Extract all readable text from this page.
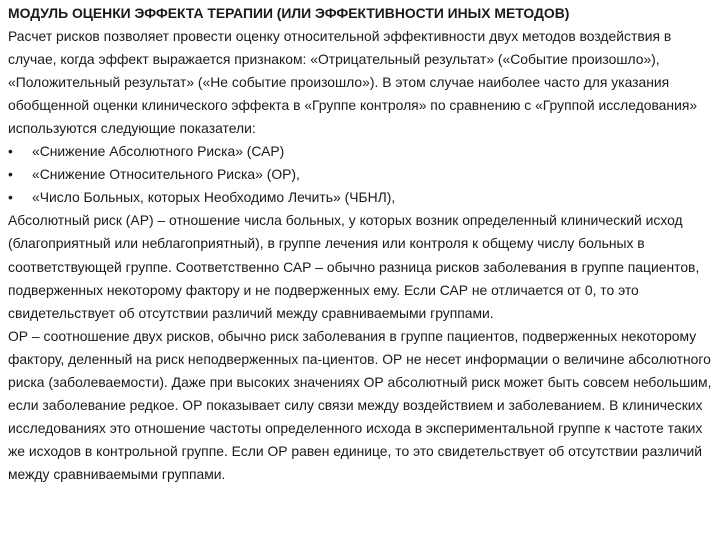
МОДУЛЬ ОЦЕНКИ ЭФФЕКТА ТЕРАПИИ (ИЛИ ЭФФЕКТИВНОСТИ ИНЫХ МЕТОДОВ)

Расчет рисков позволяет провести оценку относительной эффективности двух методов воздействия в случае, когда эффект выражается признаком: «Отрицательный результат» («Событие произошло»), «Положительный результат» («Не событие произошло»). В этом случае наиболее часто для указания обобщенной оценки клинического эффекта в «Группе контроля» по сравнению с «Группой исследования» используются следующие показатели:

•	«Снижение Абсолютного Риска» (САР)
•	«Снижение Относительного Риска» (ОР),
•	«Число Больных, которых Необходимо Лечить» (ЧБНЛ),

Абсолютный риск (АР) – отношение числа больных, у которых возник определенный клинический исход (благоприятный или неблагоприятный), в группе лечения или контроля к общему числу больных в соответствующей группе. Соответственно САР – обычно разница рисков заболевания в группе пациентов, подверженных некоторому фактору и не подверженных ему. Если САР не отличается от 0, то это свидетельствует об отсутствии различий между сравниваемыми группами.

ОР – соотношение двух рисков, обычно риск заболевания в группе пациентов, подверженных некоторому фактору, деленный на риск неподверженных па-циентов. ОР не несет информации о величине абсолютного риска (заболеваемости). Даже при высоких значениях ОР абсолютный риск может быть совсем небольшим, если заболевание редкое. ОР показывает силу связи между воздействием и заболеванием. В клинических исследованиях это отношение частоты определенного исхода в экспериментальной группе к частоте таких же исходов в контрольной группе. Если ОР равен единице, то это свидетельствует об отсутствии различий между сравниваемыми группами.
